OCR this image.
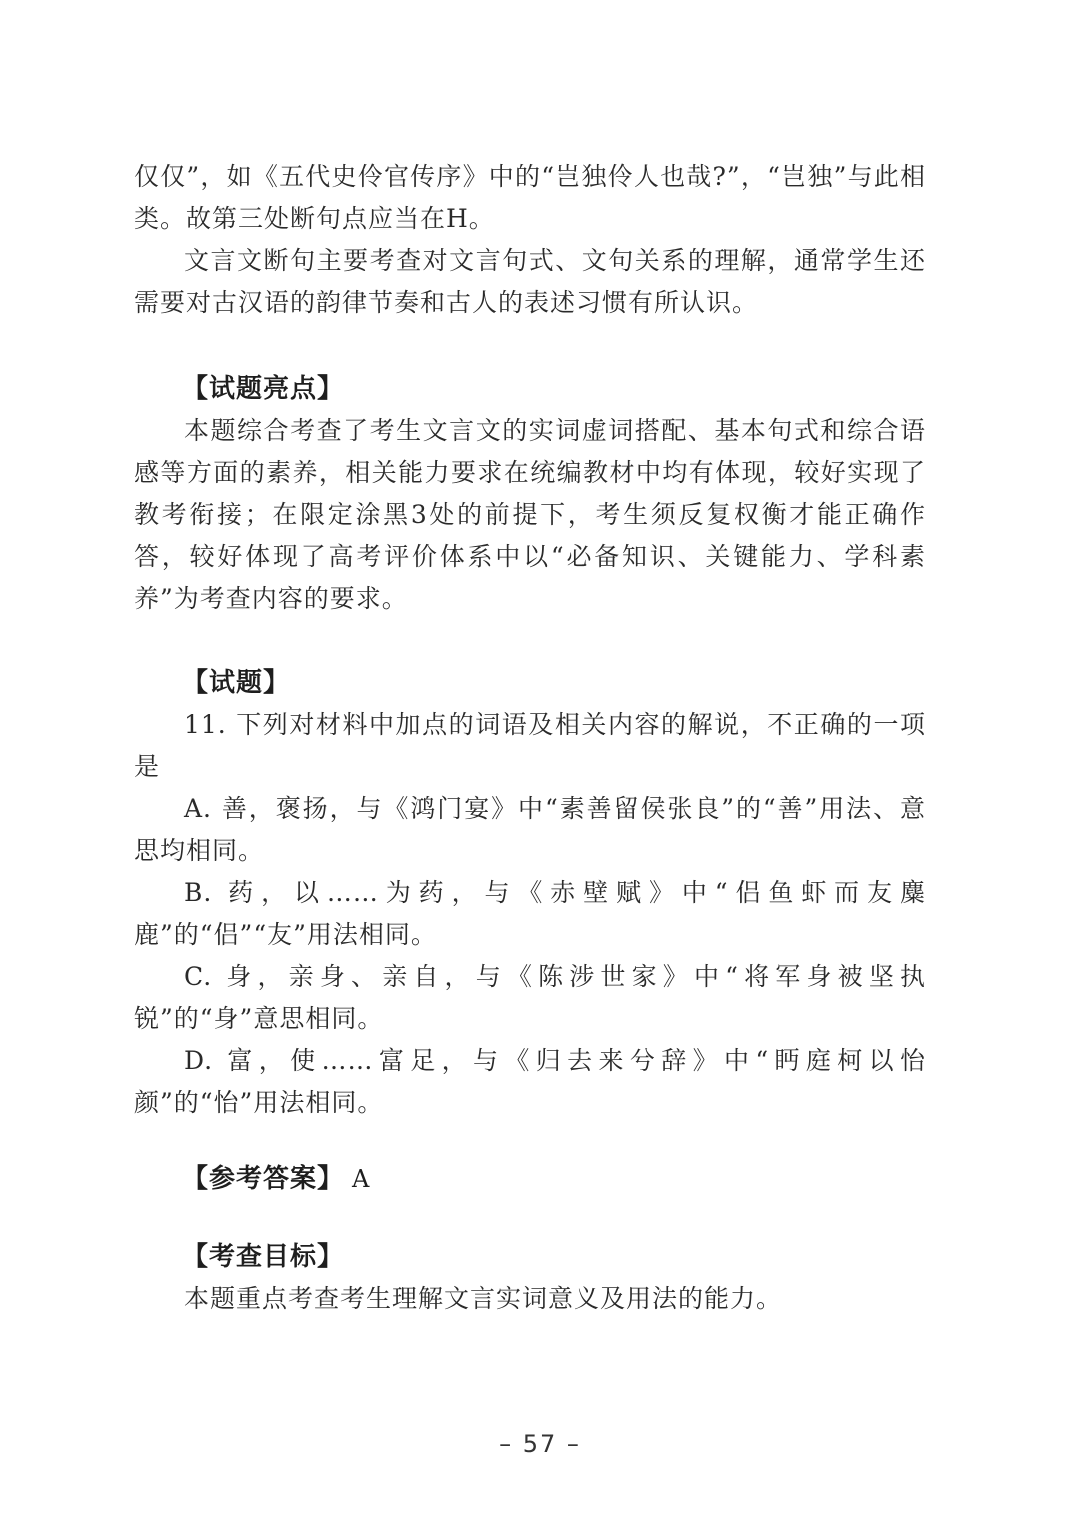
仅仅”，如《五代史伶官传序》中的“岂独伶人也哉?”，“岂独”与此相类。故第三处断句点应当在H。

文言文断句主要考查对文言句式、文句关系的理解，通常学生还需要对古汉语的韵律节奏和古人的表述习惯有所认识。

【试题亮点】

本题综合考查了考生文言文的实词虚词搭配、基本句式和综合语感等方面的素养，相关能力要求在统编教材中均有体现，较好实现了教考衔接；在限定涂黑3处的前提下，考生须反复权衡才能正确作答，较好体现了高考评价体系中以“必备知识、关键能力、学科素养”为考查内容的要求。

【试题】

11. 下列对材料中加点的词语及相关内容的解说，不正确的一项是

A. 善，褒扬，与《鸿门宴》中“素善留侯张良”的“善”用法、意思均相同。

B. 药，以……为药，与《赤壁赋》中“侣鱼虾而友麋鹿”的“侣”“友”用法相同。

C. 身，亲身、亲自，与《陈涉世家》中“将军身被坚执锐”的“身”意思相同。

D. 富，使……富足，与《归去来兮辞》中“眄庭柯以怡颜”的“怡”用法相同。

【参考答案】 A
【考查目标】

本题重点考查考生理解文言实词意义及用法的能力。

– 57 –
